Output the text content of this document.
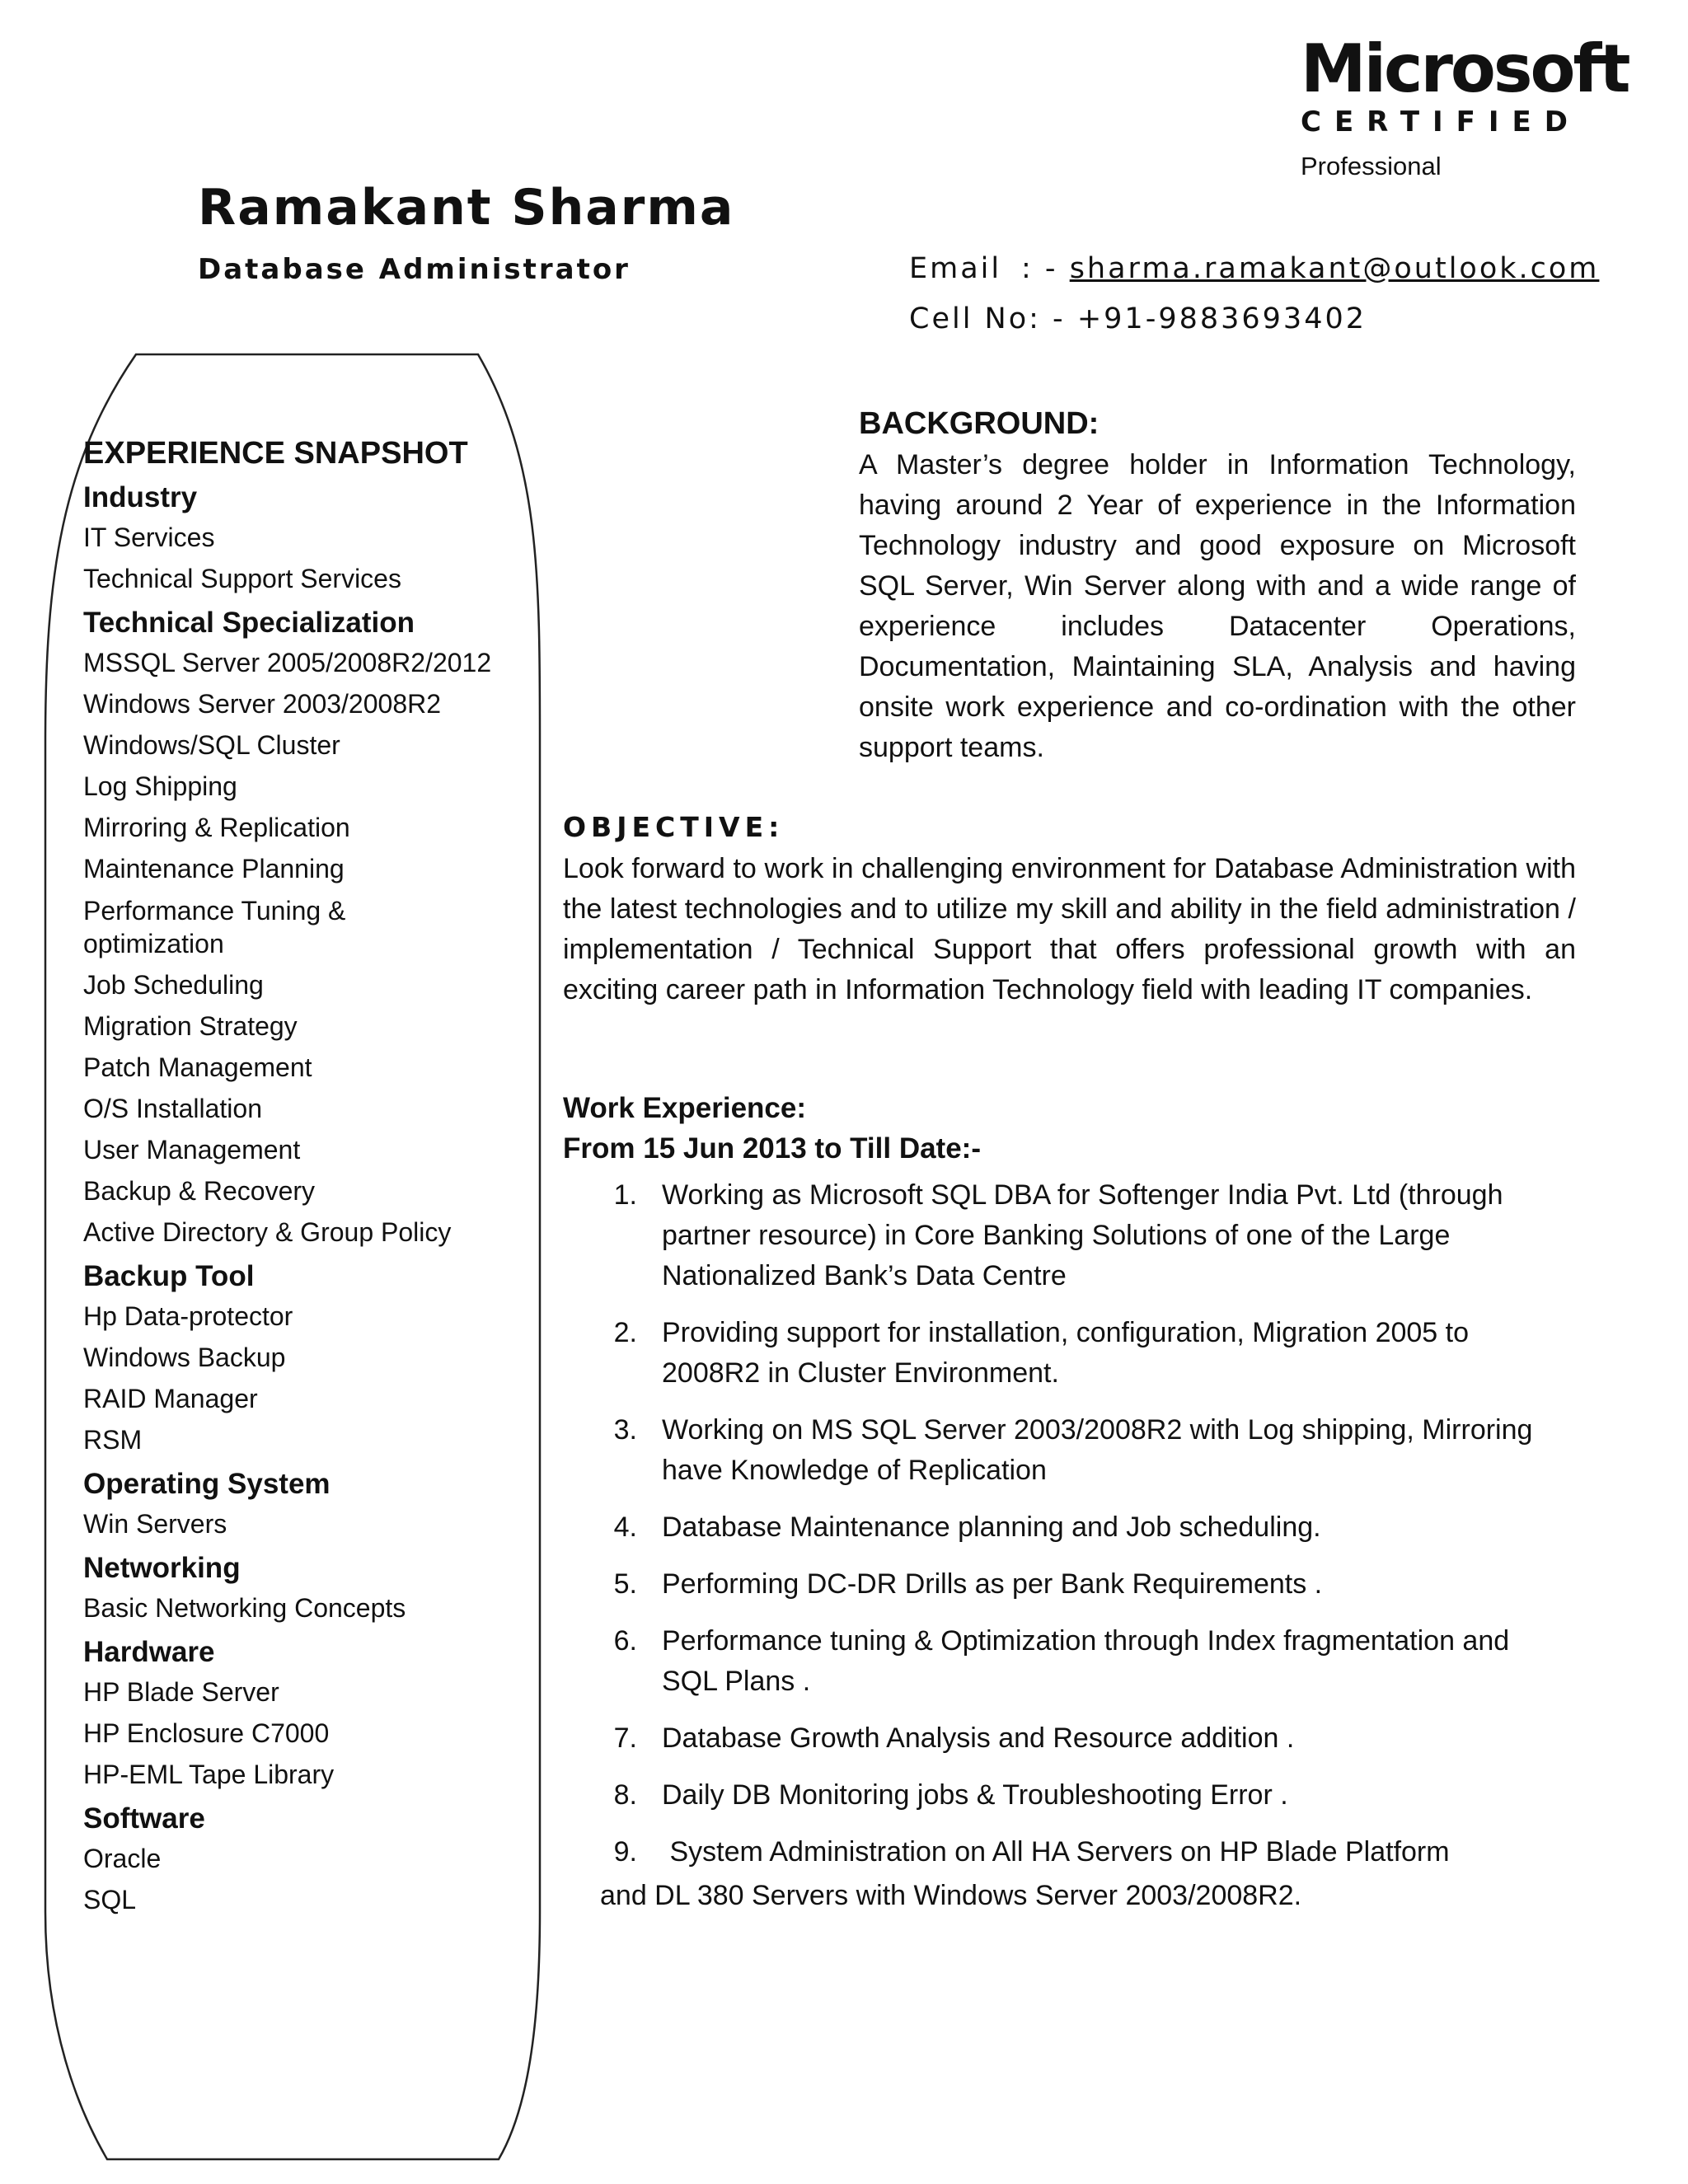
Microsoft
CERTIFIED
Professional
Ramakant Sharma
Database Administrator	Email : - sharma.ramakant@outlook.com
Cell No: - +91-9883693402
EXPERIENCE SNAPSHOT
Industry
IT Services
Technical Support Services
Technical Specialization
MSSQL Server 2005/2008R2/2012
Windows Server 2003/2008R2
Windows/SQL Cluster
Log Shipping
Mirroring & Replication
Maintenance Planning
Performance Tuning & optimization
Job Scheduling
Migration Strategy
Patch Management
O/S Installation
User Management
Backup & Recovery
Active Directory & Group Policy
Backup Tool
Hp Data-protector
Windows Backup
RAID Manager
RSM
Operating System
Win Servers
Networking
Basic Networking Concepts
Hardware
HP Blade Server
HP Enclosure C7000
HP-EML Tape Library
Software
Oracle
SQL
BACKGROUND:

A Master’s degree holder in Information Technology, having around 2 Year of experience in the Information Technology industry and good exposure on Microsoft SQL Server, Win Server along with and a wide range of experience includes Datacenter Operations, Documentation, Maintaining SLA, Analysis and having onsite work experience and co-ordination with the other support teams.

OBJECTIVE:

Look forward to work in challenging environment for Database Administration with the latest technologies and to utilize my skill and ability in the field administration / implementation / Technical Support that offers professional growth with an exciting career path in Information Technology field with leading IT companies.

Work Experience:
From 15 Jun 2013 to Till Date:-
1. Working as Microsoft SQL DBA for Softenger India Pvt. Ltd (through partner resource) in Core Banking Solutions of one of the Large Nationalized Bank’s Data Centre
2. Providing support for installation, configuration, Migration 2005 to 2008R2 in Cluster Environment.
3. Working on MS SQL Server 2003/2008R2 with Log shipping, Mirroring have Knowledge of Replication
4. Database Maintenance planning and Job scheduling.
5. Performing DC-DR Drills as per Bank Requirements .
6. Performance tuning & Optimization through Index fragmentation and SQL Plans .
7. Database Growth Analysis and Resource addition .
8. Daily DB Monitoring jobs & Troubleshooting Error .
9. System Administration on All HA Servers on HP Blade Platform
and DL 380 Servers with Windows Server 2003/2008R2.
